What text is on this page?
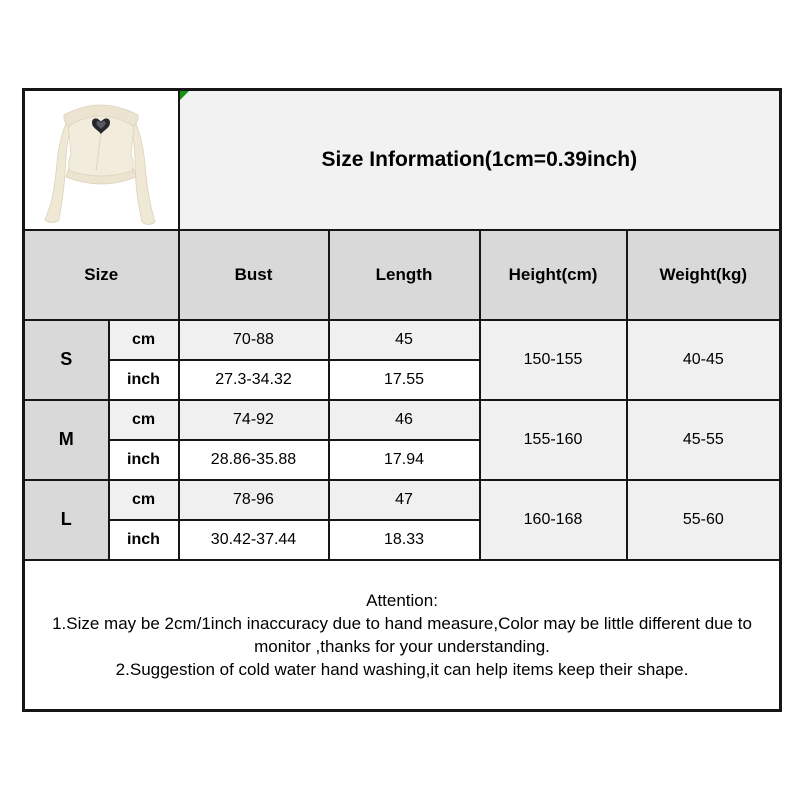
Size Information(1cm=0.39inch)			
Size		Bust	Length	Height(cm)	Weight(kg)
S	cm	70-88	45	150-155	40-45
	inch	27.3-34.32	17.55		
M	cm	74-92	46	155-160	45-55
	inch	28.86-35.88	17.94		
L	cm	78-96	47	160-168	55-60
	inch	30.42-37.44	18.33		

Attention:

1.Size may be 2cm/1inch inaccuracy due to hand measure,Color may be little different due to monitor ,thanks for your understanding.

2.Suggestion of cold water hand washing,it can help items keep their shape.					
